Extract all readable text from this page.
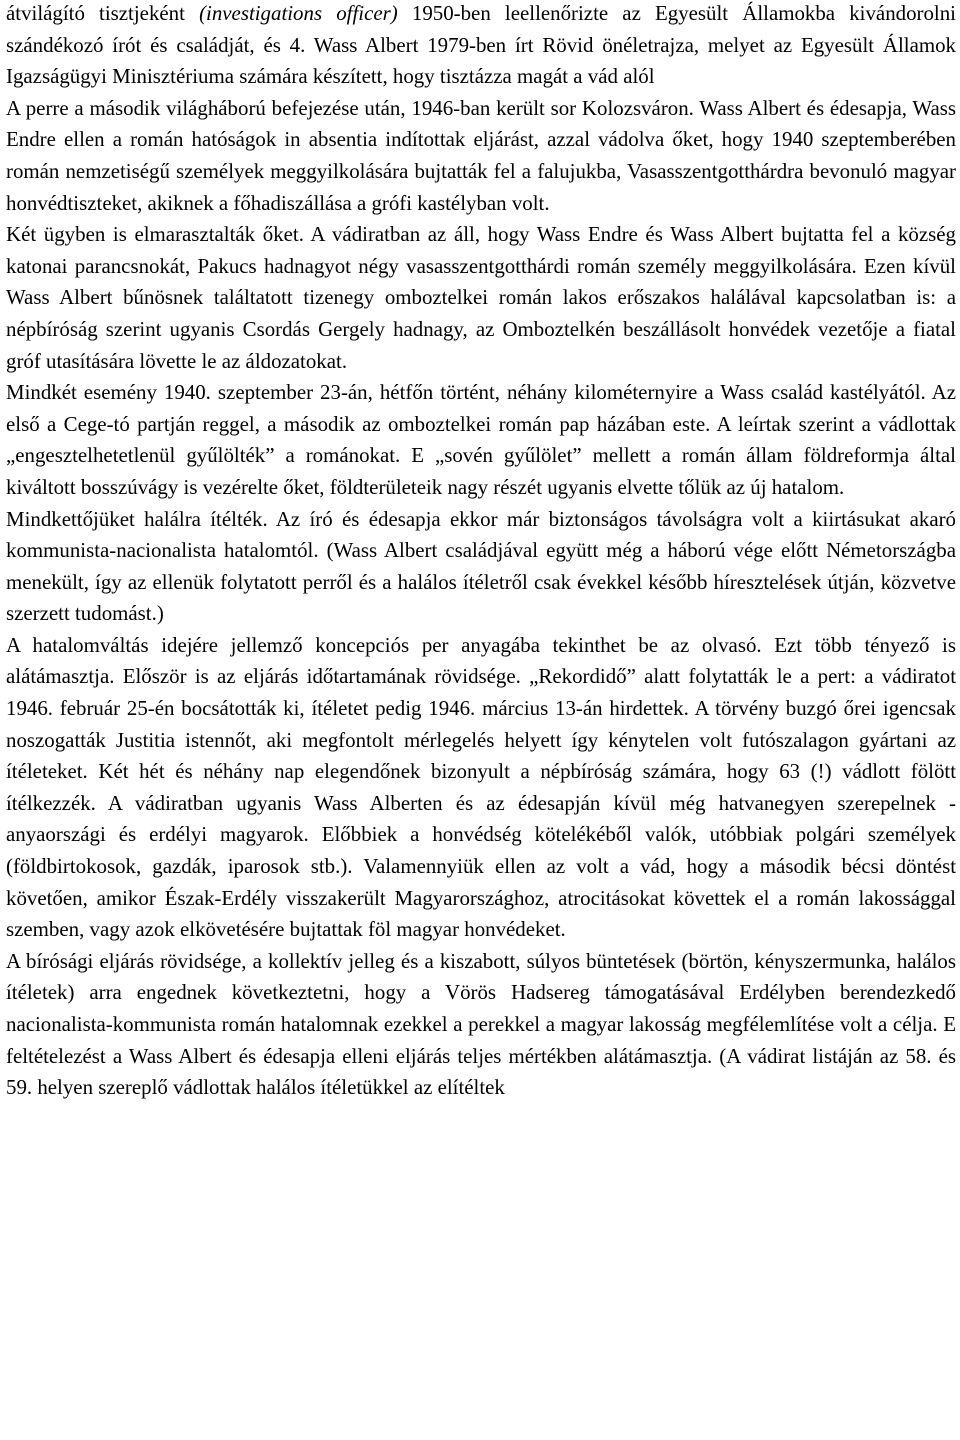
átvilágító tisztjeként (investigations officer) 1950-ben leellenőrizte az Egyesült Államokba kivándorolni szándékozó írót és családját, és 4. Wass Albert 1979-ben írt Rövid önéletrajza, melyet az Egyesült Államok Igazságügyi Minisztériuma számára készített, hogy tisztázza magát a vád alól

A perre a második világháború befejezése után, 1946-ban került sor Kolozsváron. Wass Albert és édesapja, Wass Endre ellen a román hatóságok in absentia indítottak eljárást, azzal vádolva őket, hogy 1940 szeptemberében román nemzetiségű személyek meggyilkolására bujtatták fel a falujukba, Vasasszentgotthárdra bevonuló magyar honvédtiszteket, akiknek a főhadiszállása a grófi kastélyban volt.

Két ügyben is elmarasztalták őket. A vádiratban az áll, hogy Wass Endre és Wass Albert bujtatta fel a község katonai parancsnokát, Pakucs hadnagyot négy vasasszentgotthárdi román személy meggyilkolására. Ezen kívül Wass Albert bűnösnek találtatott tizenegy omboztelkei román lakos erőszakos halálával kapcsolatban is: a népbíróság szerint ugyanis Csordás Gergely hadnagy, az Omboztelkén beszállásolt honvédek vezetője a fiatal gróf utasítására lövette le az áldozatokat.

Mindkét esemény 1940. szeptember 23-án, hétfőn történt, néhány kilométernyire a Wass család kastélyától. Az első a Cege-tó partján reggel, a második az omboztelkei román pap házában este. A leírtak szerint a vádlottak „engesztelhetetlenül gyűlölték” a románokat. E „sovén gyűlölet” mellett a román állam földreformja által kiváltott bosszúvágy is vezérelte őket, földterületeik nagy részét ugyanis elvette tőlük az új hatalom.

Mindkettőjüket halálra ítélték. Az író és édesapja ekkor már biztonságos távolságra volt a kiirtásukat akaró kommunista-nacionalista hatalomtól. (Wass Albert családjával együtt még a háború vége előtt Németországba menekült, így az ellenük folytatott perről és a halálos ítéletről csak évekkel később híresztelések útján, közvetve szerzett tudomást.)

A hatalomváltás idejére jellemző koncepciós per anyagába tekinthet be az olvasó. Ezt több tényező is alátámasztja. Először is az eljárás időtartamának rövidsége. „Rekordidő” alatt folytatták le a pert: a vádiratot 1946. február 25-én bocsátották ki, ítéletet pedig 1946. március 13-án hirdettek. A törvény buzgó őrei igencsak noszogatták Justitia istennőt, aki megfontolt mérlegelés helyett így kénytelen volt futószalagon gyártani az ítéleteket. Két hét és néhány nap elegendőnek bizonyult a népbíróság számára, hogy 63 (!) vádlott fölött ítélkezzék. A vádiratban ugyanis Wass Alberten és az édesapján kívül még hatvanegyen szerepelnek - anyaországi és erdélyi magyarok. Előbbiek a honvédség kötelékéből valók, utóbbiak polgári személyek (földbirtokosok, gazdák, iparosok stb.). Valamennyiük ellen az volt a vád, hogy a második bécsi döntést követően, amikor Észak-Erdély visszakerült Magyarországhoz, atrocitásokat követtek el a román lakossággal szemben, vagy azok elkövetésére bujtattak föl magyar honvédeket.

A bírósági eljárás rövidsége, a kollektív jelleg és a kiszabott, súlyos büntetések (börtön, kényszermunka, halálos ítéletek) arra engednek következtetni, hogy a Vörös Hadsereg támogatásával Erdélyben berendezkedő nacionalista-kommunista román hatalomnak ezekkel a perekkel a magyar lakosság megfélemlítése volt a célja. E feltételezést a Wass Albert és édesapja elleni eljárás teljes mértékben alátámasztja. (A vádirat listáján az 58. és 59. helyen szereplő vádlottak halálos ítéletükkel az elítéltek
